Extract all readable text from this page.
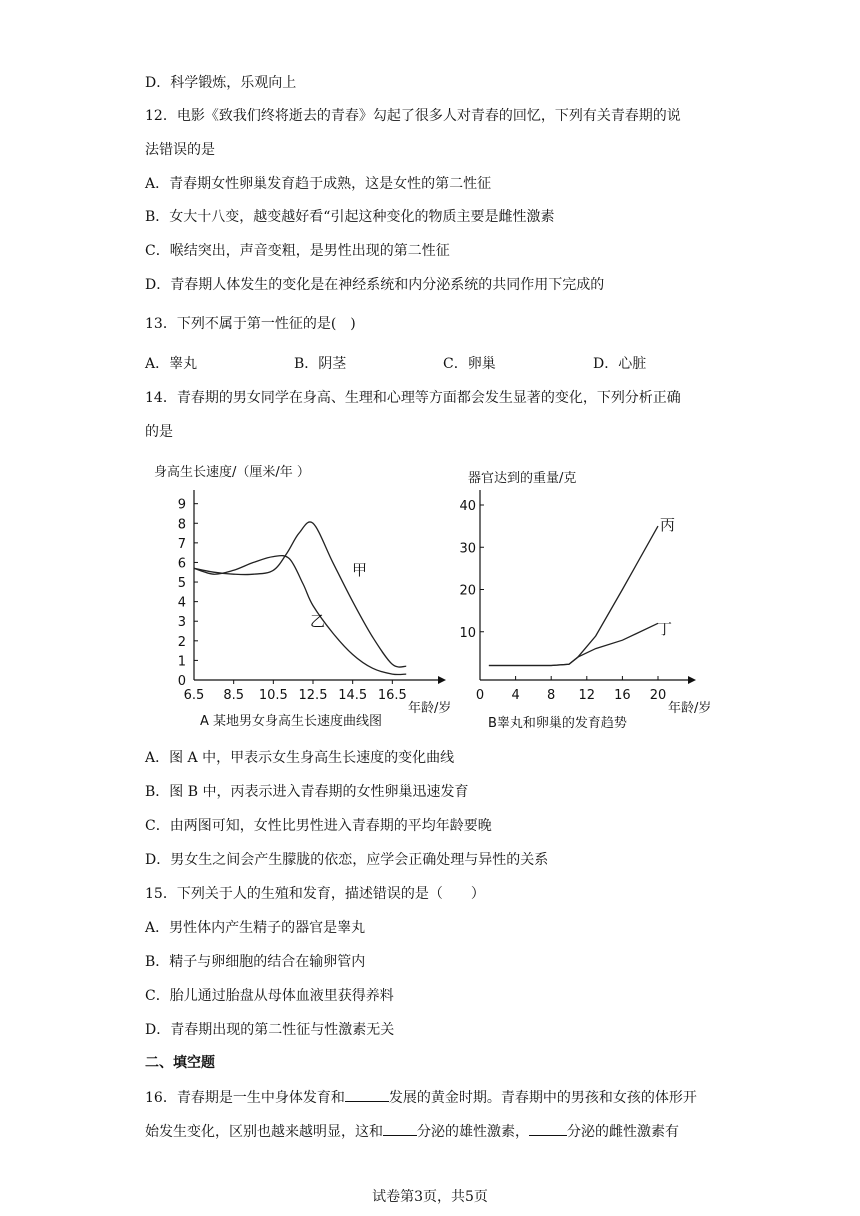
D．科学锻炼，乐观向上
12．电影《致我们终将逝去的青春》勾起了很多人对青春的回忆，下列有关青春期的说
法错误的是
A．青春期女性卵巢发育趋于成熟，这是女性的第二性征
B．女大十八变，越变越好看“引起这种变化的物质主要是雌性激素
C．喉结突出，声音变粗，是男性出现的第二性征
D．青春期人体发生的变化是在神经系统和内分泌系统的共同作用下完成的
13．下列不属于第一性征的是(　)
A．睾丸	B．阴茎	C．卵巢	D．心脏
14．青春期的男女同学在身高、生理和心理等方面都会发生显著的变化，下列分析正确
的是
身高生长速度/（厘米/年 ）
0
1
2
3
4
5
6
7
8
9
6.5 8.5 10.5 12.5 14.5 16.5
甲
乙
年龄/岁
A 某地男女身高生长速度曲线图
器官达到的重量/克
10
20
30
40
0 4 8 12 16 20
丙
丁
年龄/岁
B睾丸和卵巢的发育趋势
A．图 A 中，甲表示女生身高生长速度的变化曲线
B．图 B 中，丙表示进入青春期的女性卵巢迅速发育
C．由两图可知，女性比男性进入青春期的平均年龄要晚
D．男女生之间会产生朦胧的依恋，应学会正确处理与异性的关系
15．下列关于人的生殖和发育，描述错误的是（　　）
A．男性体内产生精子的器官是睾丸
B．精子与卵细胞的结合在输卵管内
C．胎儿通过胎盘从母体血液里获得养料
D．青春期出现的第二性征与性激素无关
二、填空题
16．青春期是一生中身体发育和	发展的黄金时期。青春期中的男孩和女孩的体形开
始发生变化，区别也越来越明显，这和 分泌的雄性激素，	分泌的雌性激素有
试卷第3页，共5页
